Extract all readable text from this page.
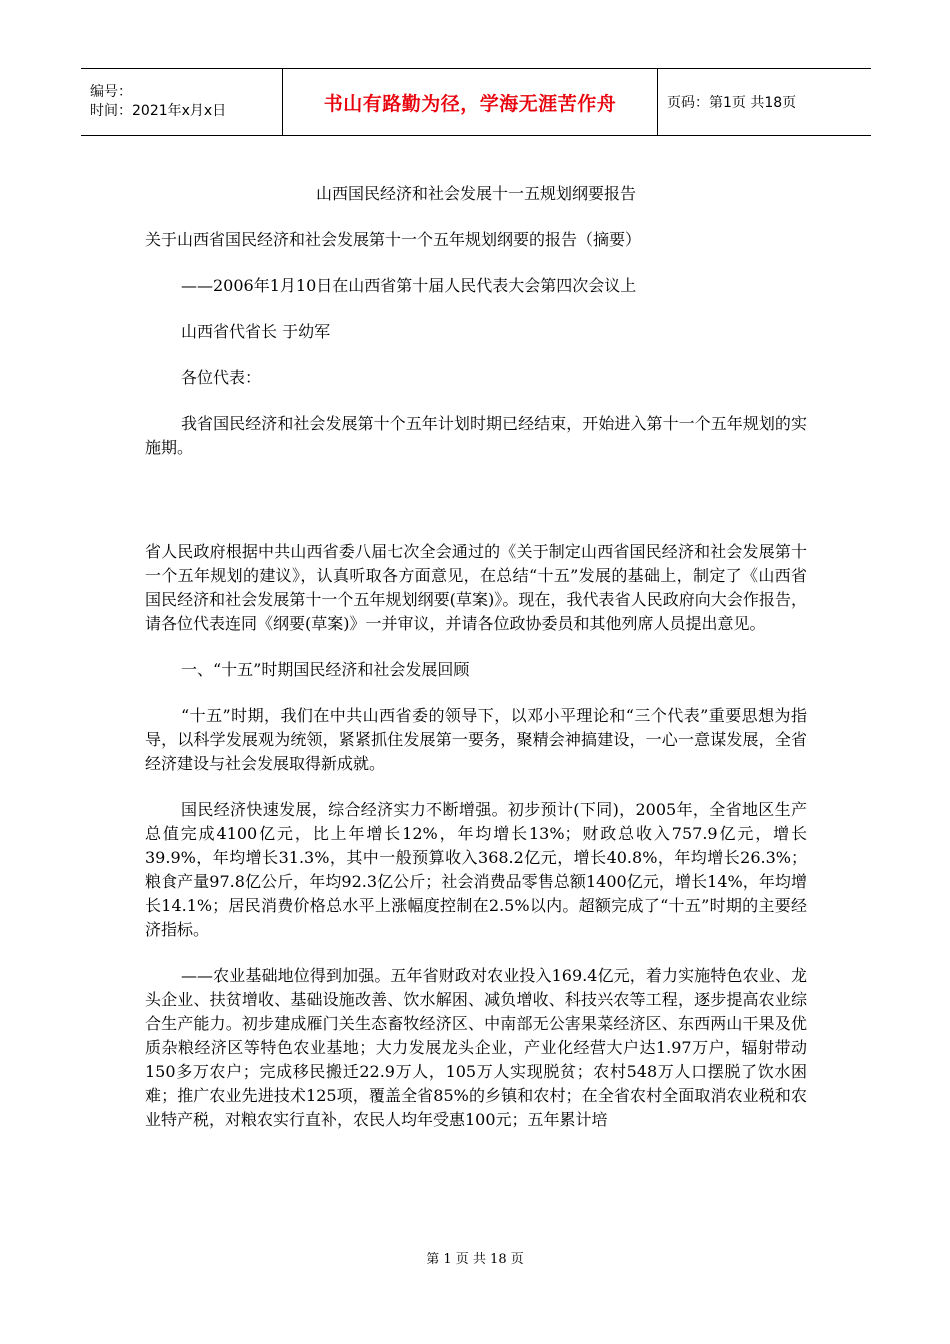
编号：
时间：2021年x月x日	书山有路勤为径，学海无涯苦作舟	页码：第1页 共18页

山西国民经济和社会发展十一五规划纲要报告

关于山西省国民经济和社会发展第十一个五年规划纲要的报告（摘要）

——2006年1月10日在山西省第十届人民代表大会第四次会议上

山西省代省长 于幼军

各位代表：

我省国民经济和社会发展第十个五年计划时期已经结束，开始进入第十一个五年规划的实施期。

省人民政府根据中共山西省委八届七次全会通过的《关于制定山西省国民经济和社会发展第十一个五年规划的建议》，认真听取各方面意见，在总结“十五”发展的基础上，制定了《山西省国民经济和社会发展第十一个五年规划纲要(草案)》。现在，我代表省人民政府向大会作报告，请各位代表连同《纲要(草案)》一并审议，并请各位政协委员和其他列席人员提出意见。

一、“十五”时期国民经济和社会发展回顾

“十五”时期，我们在中共山西省委的领导下，以邓小平理论和“三个代表”重要思想为指导，以科学发展观为统领，紧紧抓住发展第一要务，聚精会神搞建设，一心一意谋发展，全省经济建设与社会发展取得新成就。

国民经济快速发展，综合经济实力不断增强。初步预计(下同)，2005年，全省地区生产总值完成4100亿元，比上年增长12%，年均增长13%；财政总收入757.9亿元，增长39.9%，年均增长31.3%，其中一般预算收入368.2亿元，增长40.8%，年均增长26.3%；粮食产量97.8亿公斤，年均92.3亿公斤；社会消费品零售总额1400亿元，增长14%，年均增长14.1%；居民消费价格总水平上涨幅度控制在2.5%以内。超额完成了“十五”时期的主要经济指标。

——农业基础地位得到加强。五年省财政对农业投入169.4亿元，着力实施特色农业、龙头企业、扶贫增收、基础设施改善、饮水解困、减负增收、科技兴农等工程，逐步提高农业综合生产能力。初步建成雁门关生态畜牧经济区、中南部无公害果菜经济区、东西两山干果及优质杂粮经济区等特色农业基地；大力发展龙头企业，产业化经营大户达1.97万户，辐射带动150多万农户；完成移民搬迁22.9万人，105万人实现脱贫；农村548万人口摆脱了饮水困难；推广农业先进技术125项，覆盖全省85%的乡镇和农村；在全省农村全面取消农业税和农业特产税，对粮农实行直补，农民人均年受惠100元；五年累计培

第 1 页 共 18 页
